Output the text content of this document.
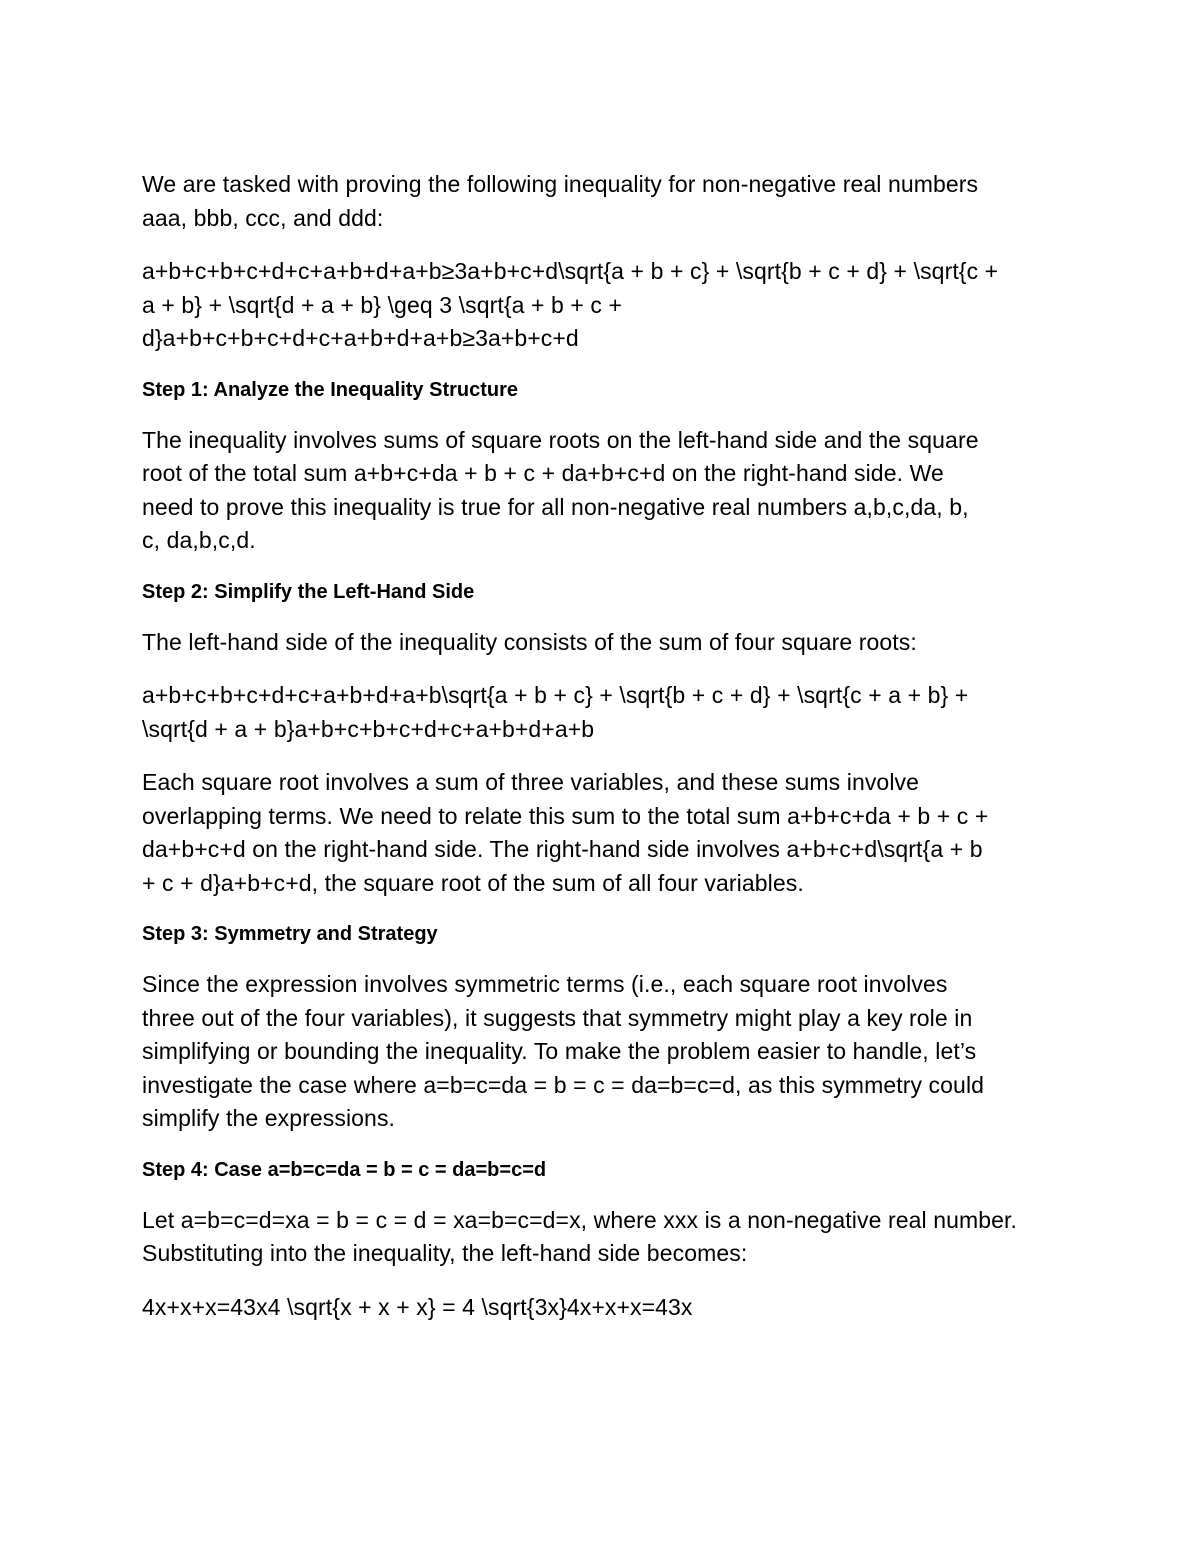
We are tasked with proving the following inequality for non-negative real numbers
aaa, bbb, ccc, and ddd:

a+b+c+b+c+d+c+a+b+d+a+b≥3a+b+c+d\sqrt{a + b + c} + \sqrt{b + c + d} + \sqrt{c +
a + b} + \sqrt{d + a + b} \geq 3 \sqrt{a + b + c +
d}a+b+c+b+c+d+c+a+b+d+a+b≥3a+b+c+d

Step 1: Analyze the Inequality Structure

The inequality involves sums of square roots on the left-hand side and the square
root of the total sum a+b+c+da + b + c + da+b+c+d on the right-hand side. We
need to prove this inequality is true for all non-negative real numbers a,b,c,da, b,
c, da,b,c,d.

Step 2: Simplify the Left-Hand Side

The left-hand side of the inequality consists of the sum of four square roots:

a+b+c+b+c+d+c+a+b+d+a+b\sqrt{a + b + c} + \sqrt{b + c + d} + \sqrt{c + a + b} +
\sqrt{d + a + b}a+b+c+b+c+d+c+a+b+d+a+b

Each square root involves a sum of three variables, and these sums involve
overlapping terms. We need to relate this sum to the total sum a+b+c+da + b + c +
da+b+c+d on the right-hand side. The right-hand side involves a+b+c+d\sqrt{a + b
+ c + d}a+b+c+d, the square root of the sum of all four variables.

Step 3: Symmetry and Strategy

Since the expression involves symmetric terms (i.e., each square root involves
three out of the four variables), it suggests that symmetry might play a key role in
simplifying or bounding the inequality. To make the problem easier to handle, let’s
investigate the case where a=b=c=da = b = c = da=b=c=d, as this symmetry could
simplify the expressions.

Step 4: Case a=b=c=da = b = c = da=b=c=d

Let a=b=c=d=xa = b = c = d = xa=b=c=d=x, where xxx is a non-negative real number.
Substituting into the inequality, the left-hand side becomes:

4x+x+x=43x4 \sqrt{x + x + x} = 4 \sqrt{3x}4x+x+x=43x
